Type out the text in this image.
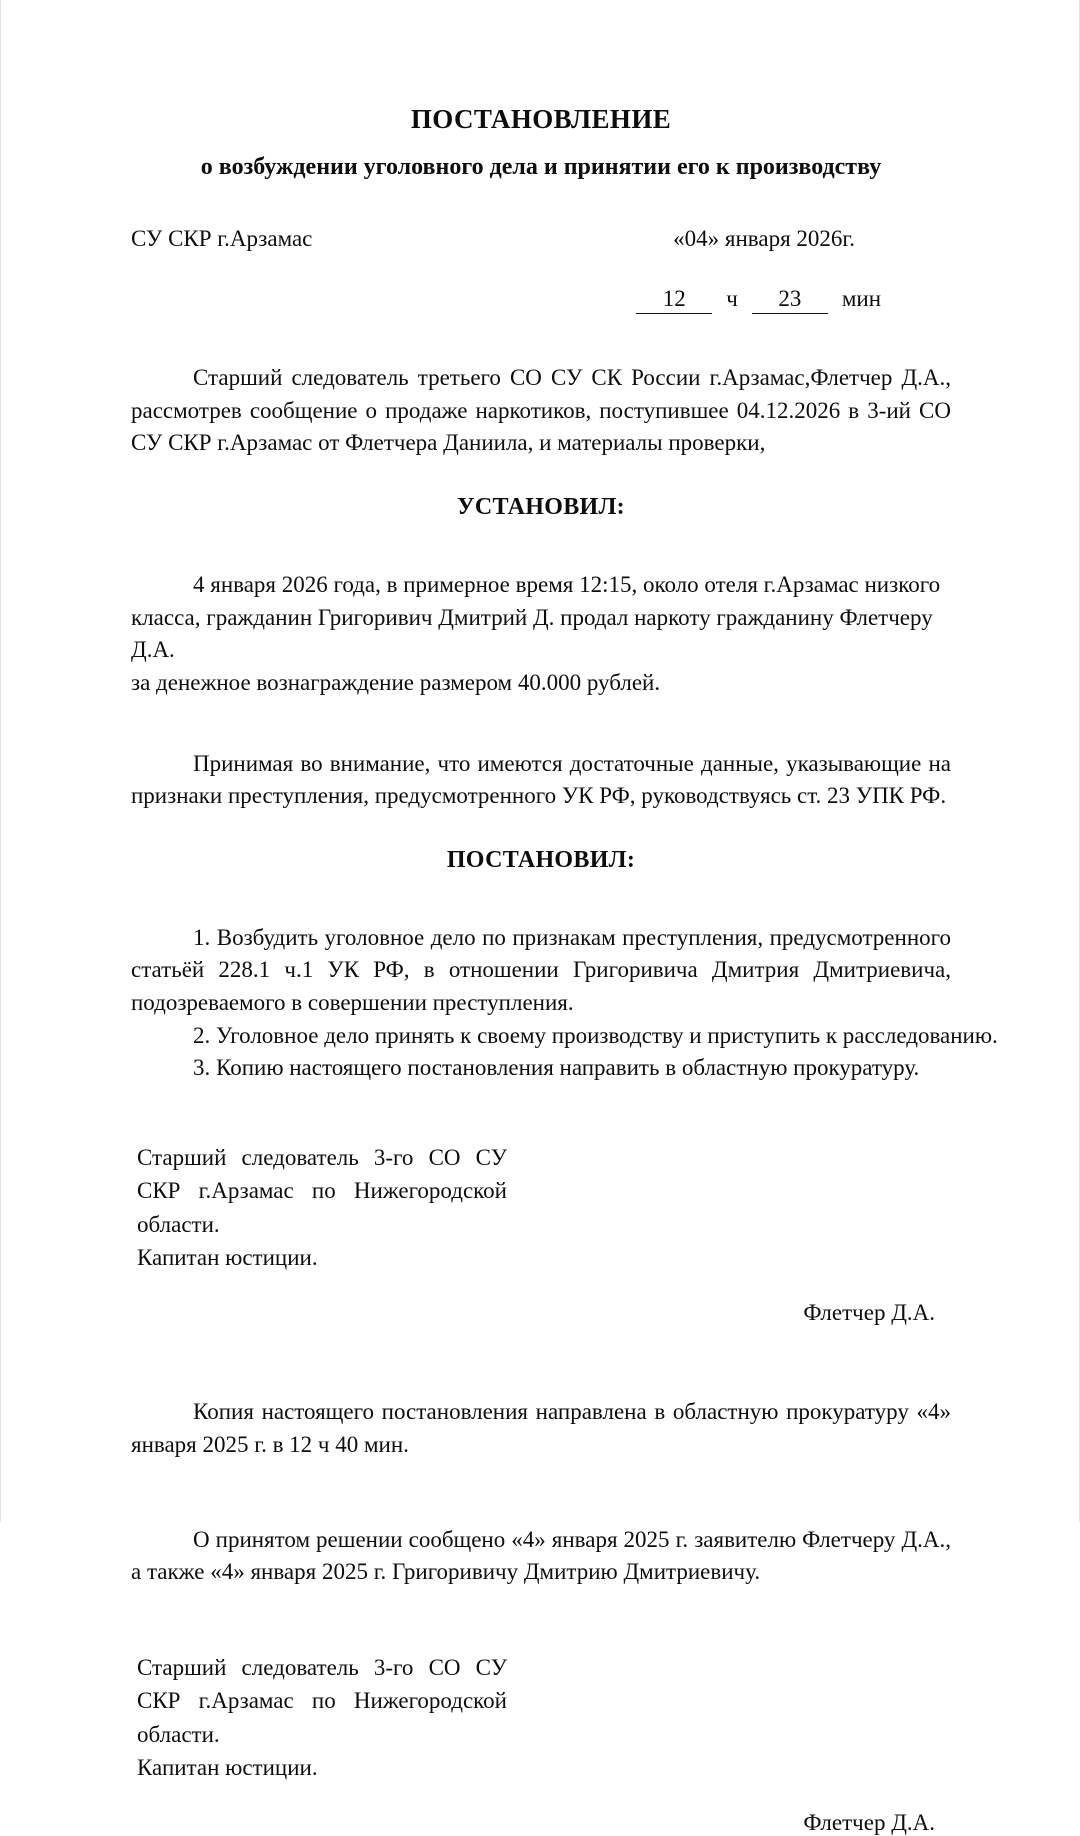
ПОСТАНОВЛЕНИЕ
о возбуждении уголовного дела и принятии его к производству
СУ СКР г.Арзамас	«04» января 2026г.
12	ч	23	мин

Старший следователь третьего СО СУ СК России г.Арзамас,Флетчер Д.А., рассмотрев сообщение о продаже наркотиков, поступившее 04.12.2026 в 3-ий СО СУ СКР г.Арзамас от Флетчера Даниила, и материалы проверки,

УСТАНОВИЛ:

4 января 2026 года, в примерное время 12:15, около отеля г.Арзамас низкого

класса, гражданин Григоривич Дмитрий Д. продал наркоту гражданину Флетчеру Д.А.

за денежное вознаграждение размером 40.000 рублей.

Принимая во внимание, что имеются достаточные данные, указывающие на признаки преступления, предусмотренного УК РФ, руководствуясь ст. 23 УПК РФ.

ПОСТАНОВИЛ:

1. Возбудить уголовное дело по признакам преступления, предусмотренного статьёй 228.1 ч.1 УК РФ, в отношении Григоривича Дмитрия Дмитриевича, подозреваемого в совершении преступления.

2. Уголовное дело принять к своему производству и приступить к расследованию.

3. Копию настоящего постановления направить в областную прокуратуру.

Старший следователь 3-го СО СУ
СКР г.Арзамас по Нижегородской
области.
Капитан юстиции.
Флетчер Д.А.

Копия настоящего постановления направлена в областную прокуратуру «4» января 2025 г. в 12 ч 40 мин.

О принятом решении сообщено «4» января 2025 г. заявителю Флетчеру Д.А., а также «4» января 2025 г. Григоривичу Дмитрию Дмитриевичу.

Старший следователь 3-го СО СУ
СКР г.Арзамас по Нижегородской
области.
Капитан юстиции.
Флетчер Д.А.
